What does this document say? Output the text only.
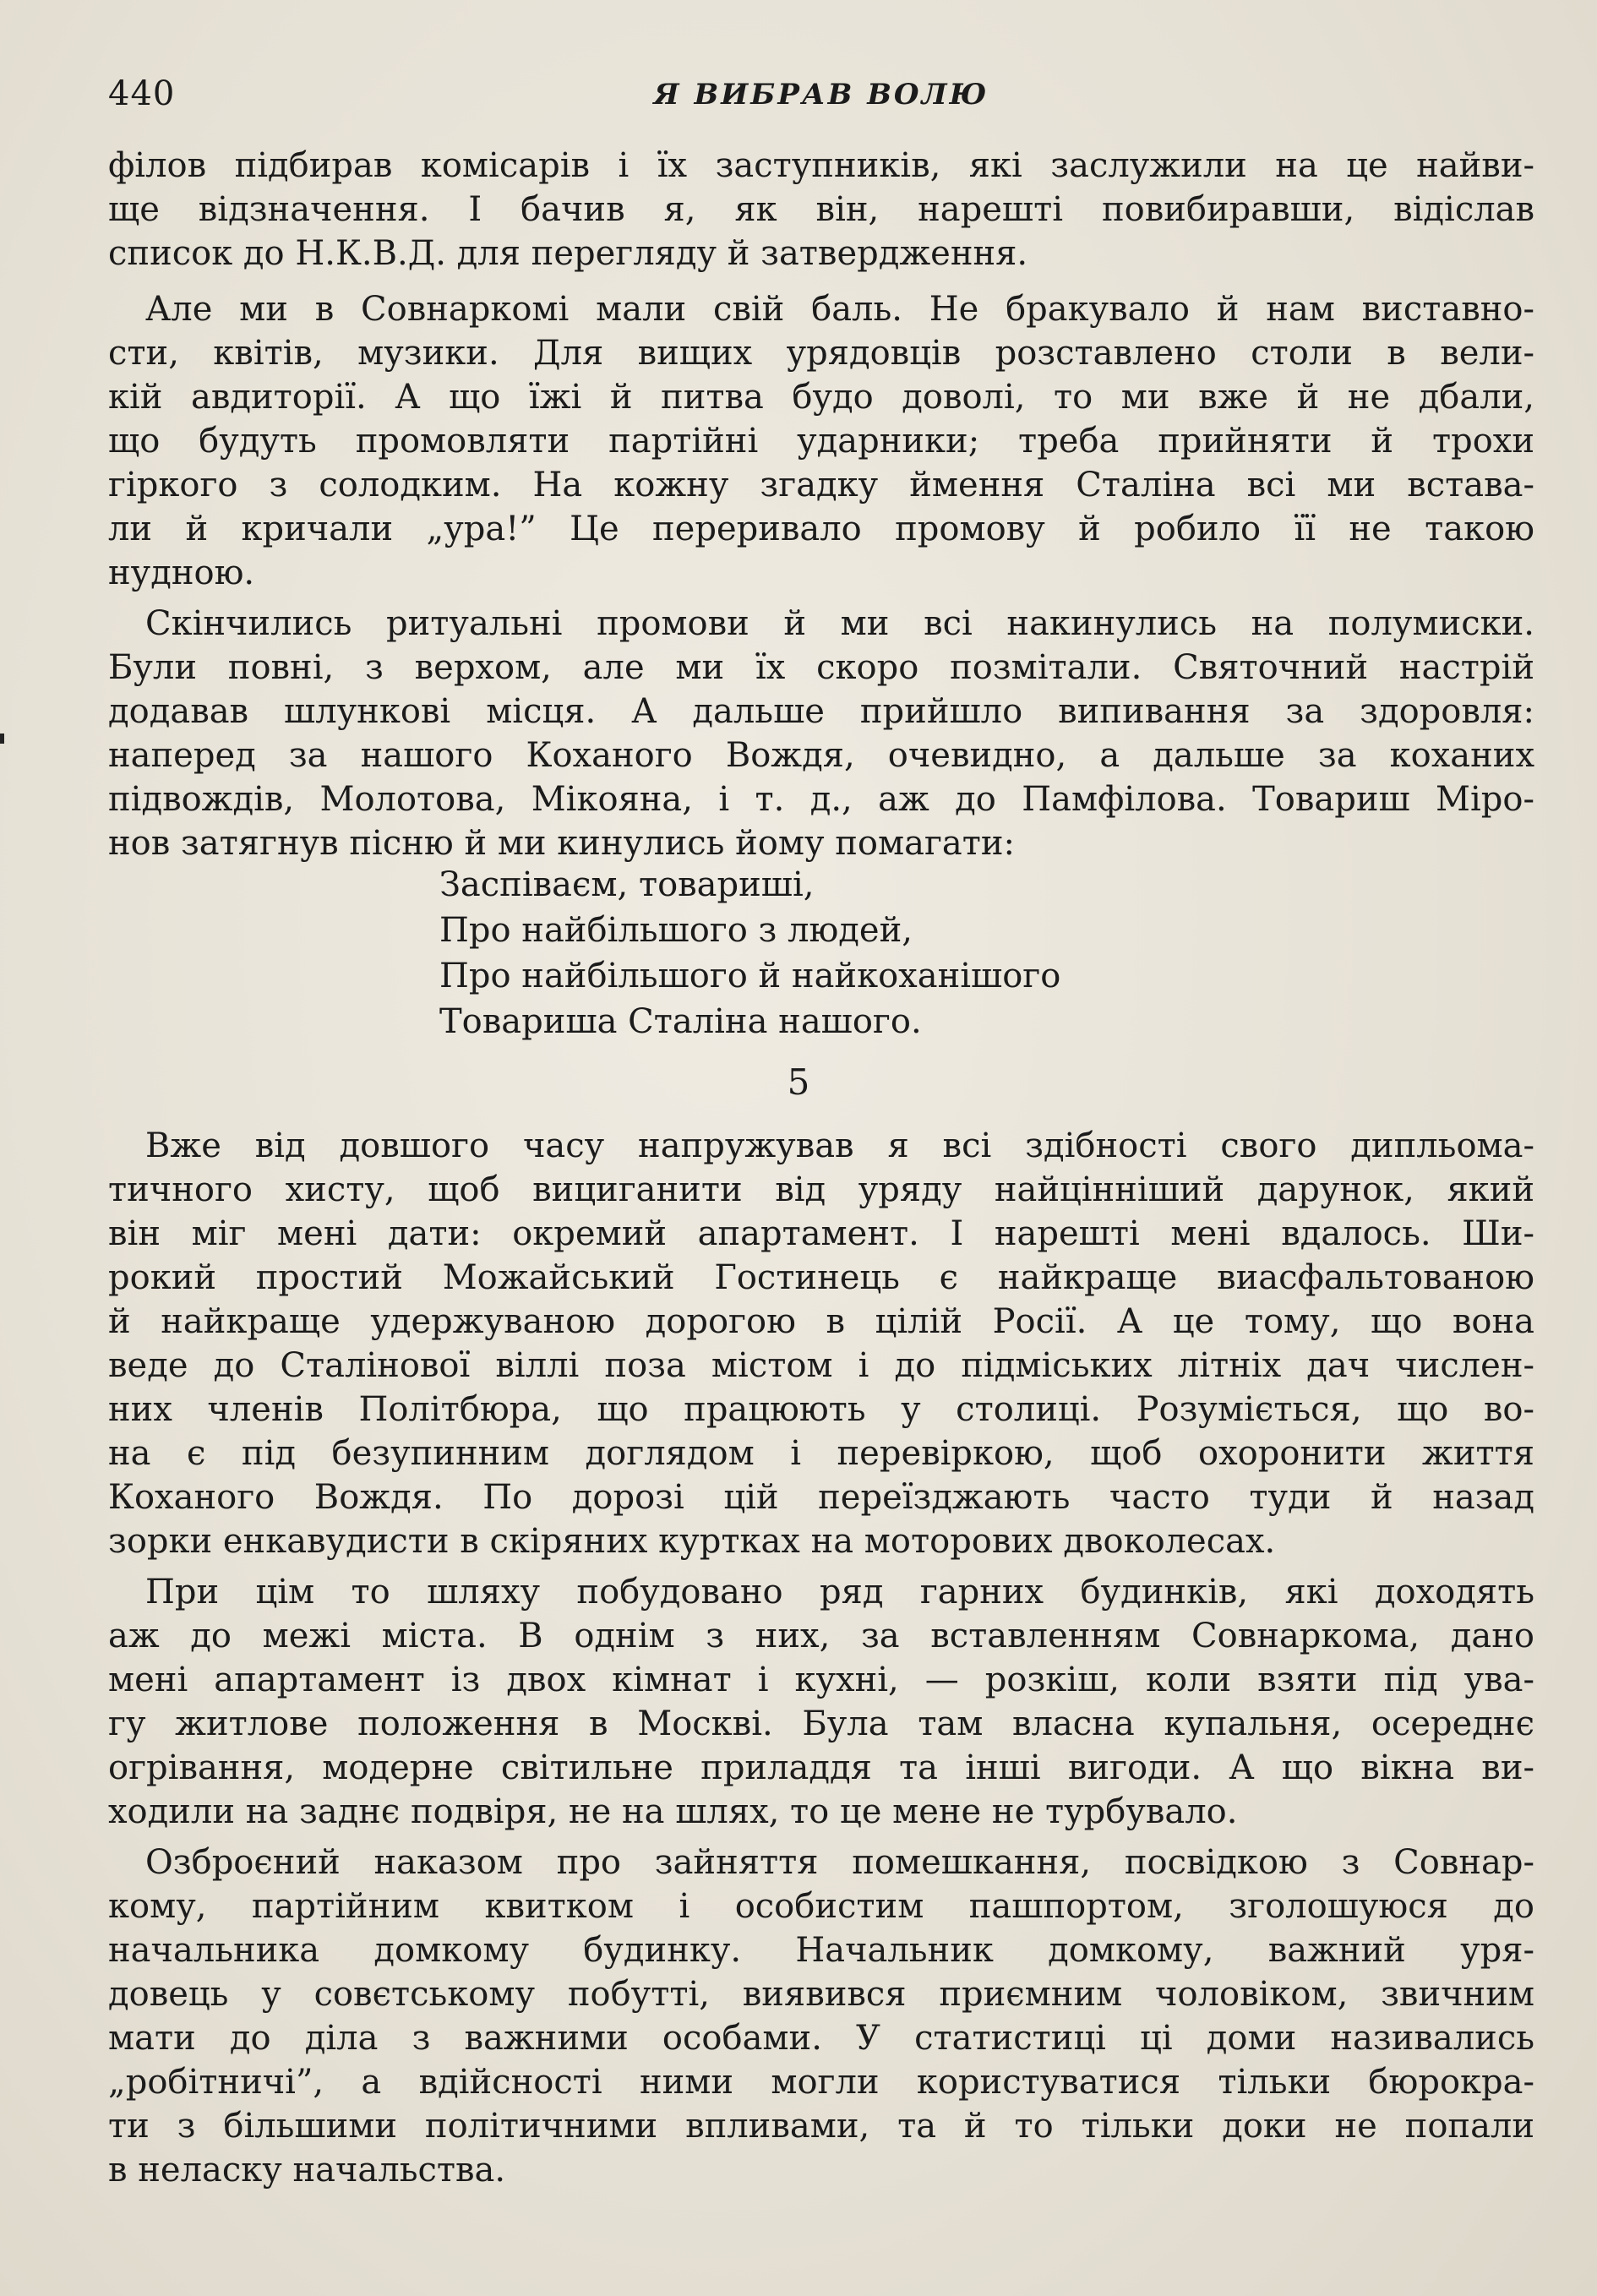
440	Я ВИБРАВ ВОЛЮ
філов підбирав комісарів і їх заступників, які заслужили на це найви-
ще відзначення. І бачив я, як він, нарешті повибиравши, відіслав
список до Н.К.В.Д. для перегляду й затвердження.
Але ми в Совнаркомі мали свій баль. Не бракувало й нам виставно-
сти, квітів, музики. Для вищих урядовців розставлено столи в вели-
кій авдиторії. А що їжі й питва будо доволі, то ми вже й не дбали,
що будуть промовляти партійні ударники; треба прийняти й трохи
гіркого з солодким. На кожну згадку ймення Сталіна всі ми встава-
ли й кричали „ура!” Це переривало промову й робило її не такою
нудною.
Скінчились ритуальні промови й ми всі накинулись на полумиски.
Були повні, з верхом, але ми їх скоро позмітали. Святочний настрій
додавав шлункові місця. А дальше прийшло випивання за здоровля:
наперед за нашого Коханого Вождя, очевидно, а дальше за коханих
підвождів, Молотова, Мікояна, і т. д., аж до Памфілова. Товариш Міро-
нов затягнув пісню й ми кинулись йому помагати:
Заспіваєм, товариші,
Про найбільшого з людей,
Про найбільшого й найкоханішого
Товариша Сталіна нашого.
5
Вже від довшого часу напружував я всі здібності свого дипльома-
тичного хисту, щоб вициганити від уряду найцінніший дарунок, який
він міг мені дати: окремий апартамент. І нарешті мені вдалось. Ши-
рокий простий Можайський Гостинець є найкраще виасфальтованою
й найкраще удержуваною дорогою в цілій Росії. А це тому, що вона
веде до Сталінової віллі поза містом і до підміських літніх дач числен-
них членів Політбюра, що працюють у столиці. Розуміється, що во-
на є під безупинним доглядом і перевіркою, щоб охоронити життя
Коханого Вождя. По дорозі цій переїзджають часто туди й назад
зорки енкавудисти в скіряних куртках на моторових двоколесах.
При цім то шляху побудовано ряд гарних будинків, які доходять
аж до межі міста. В однім з них, за вставленням Совнаркома, дано
мені апартамент із двох кімнат і кухні, — розкіш, коли взяти під ува-
гу житлове положення в Москві. Була там власна купальня, осереднє
огрівання, модерне світильне приладдя та інші вигоди. А що вікна ви-
ходили на заднє подвіря, не на шлях, то це мене не турбувало.
Озброєний наказом про зайняття помешкання, посвідкою з Совнар-
кому, партійним квитком і особистим пашпортом, зголошуюся до
начальника домкому будинку. Начальник домкому, важний уря-
довець у совєтському побутті, виявився приємним чоловіком, звичним
мати до діла з важними особами. У статистиці ці доми називались
„робітничі”, а вдійсності ними могли користуватися тільки бюрокра-
ти з більшими політичними впливами, та й то тільки доки не попали
в неласку начальства.
